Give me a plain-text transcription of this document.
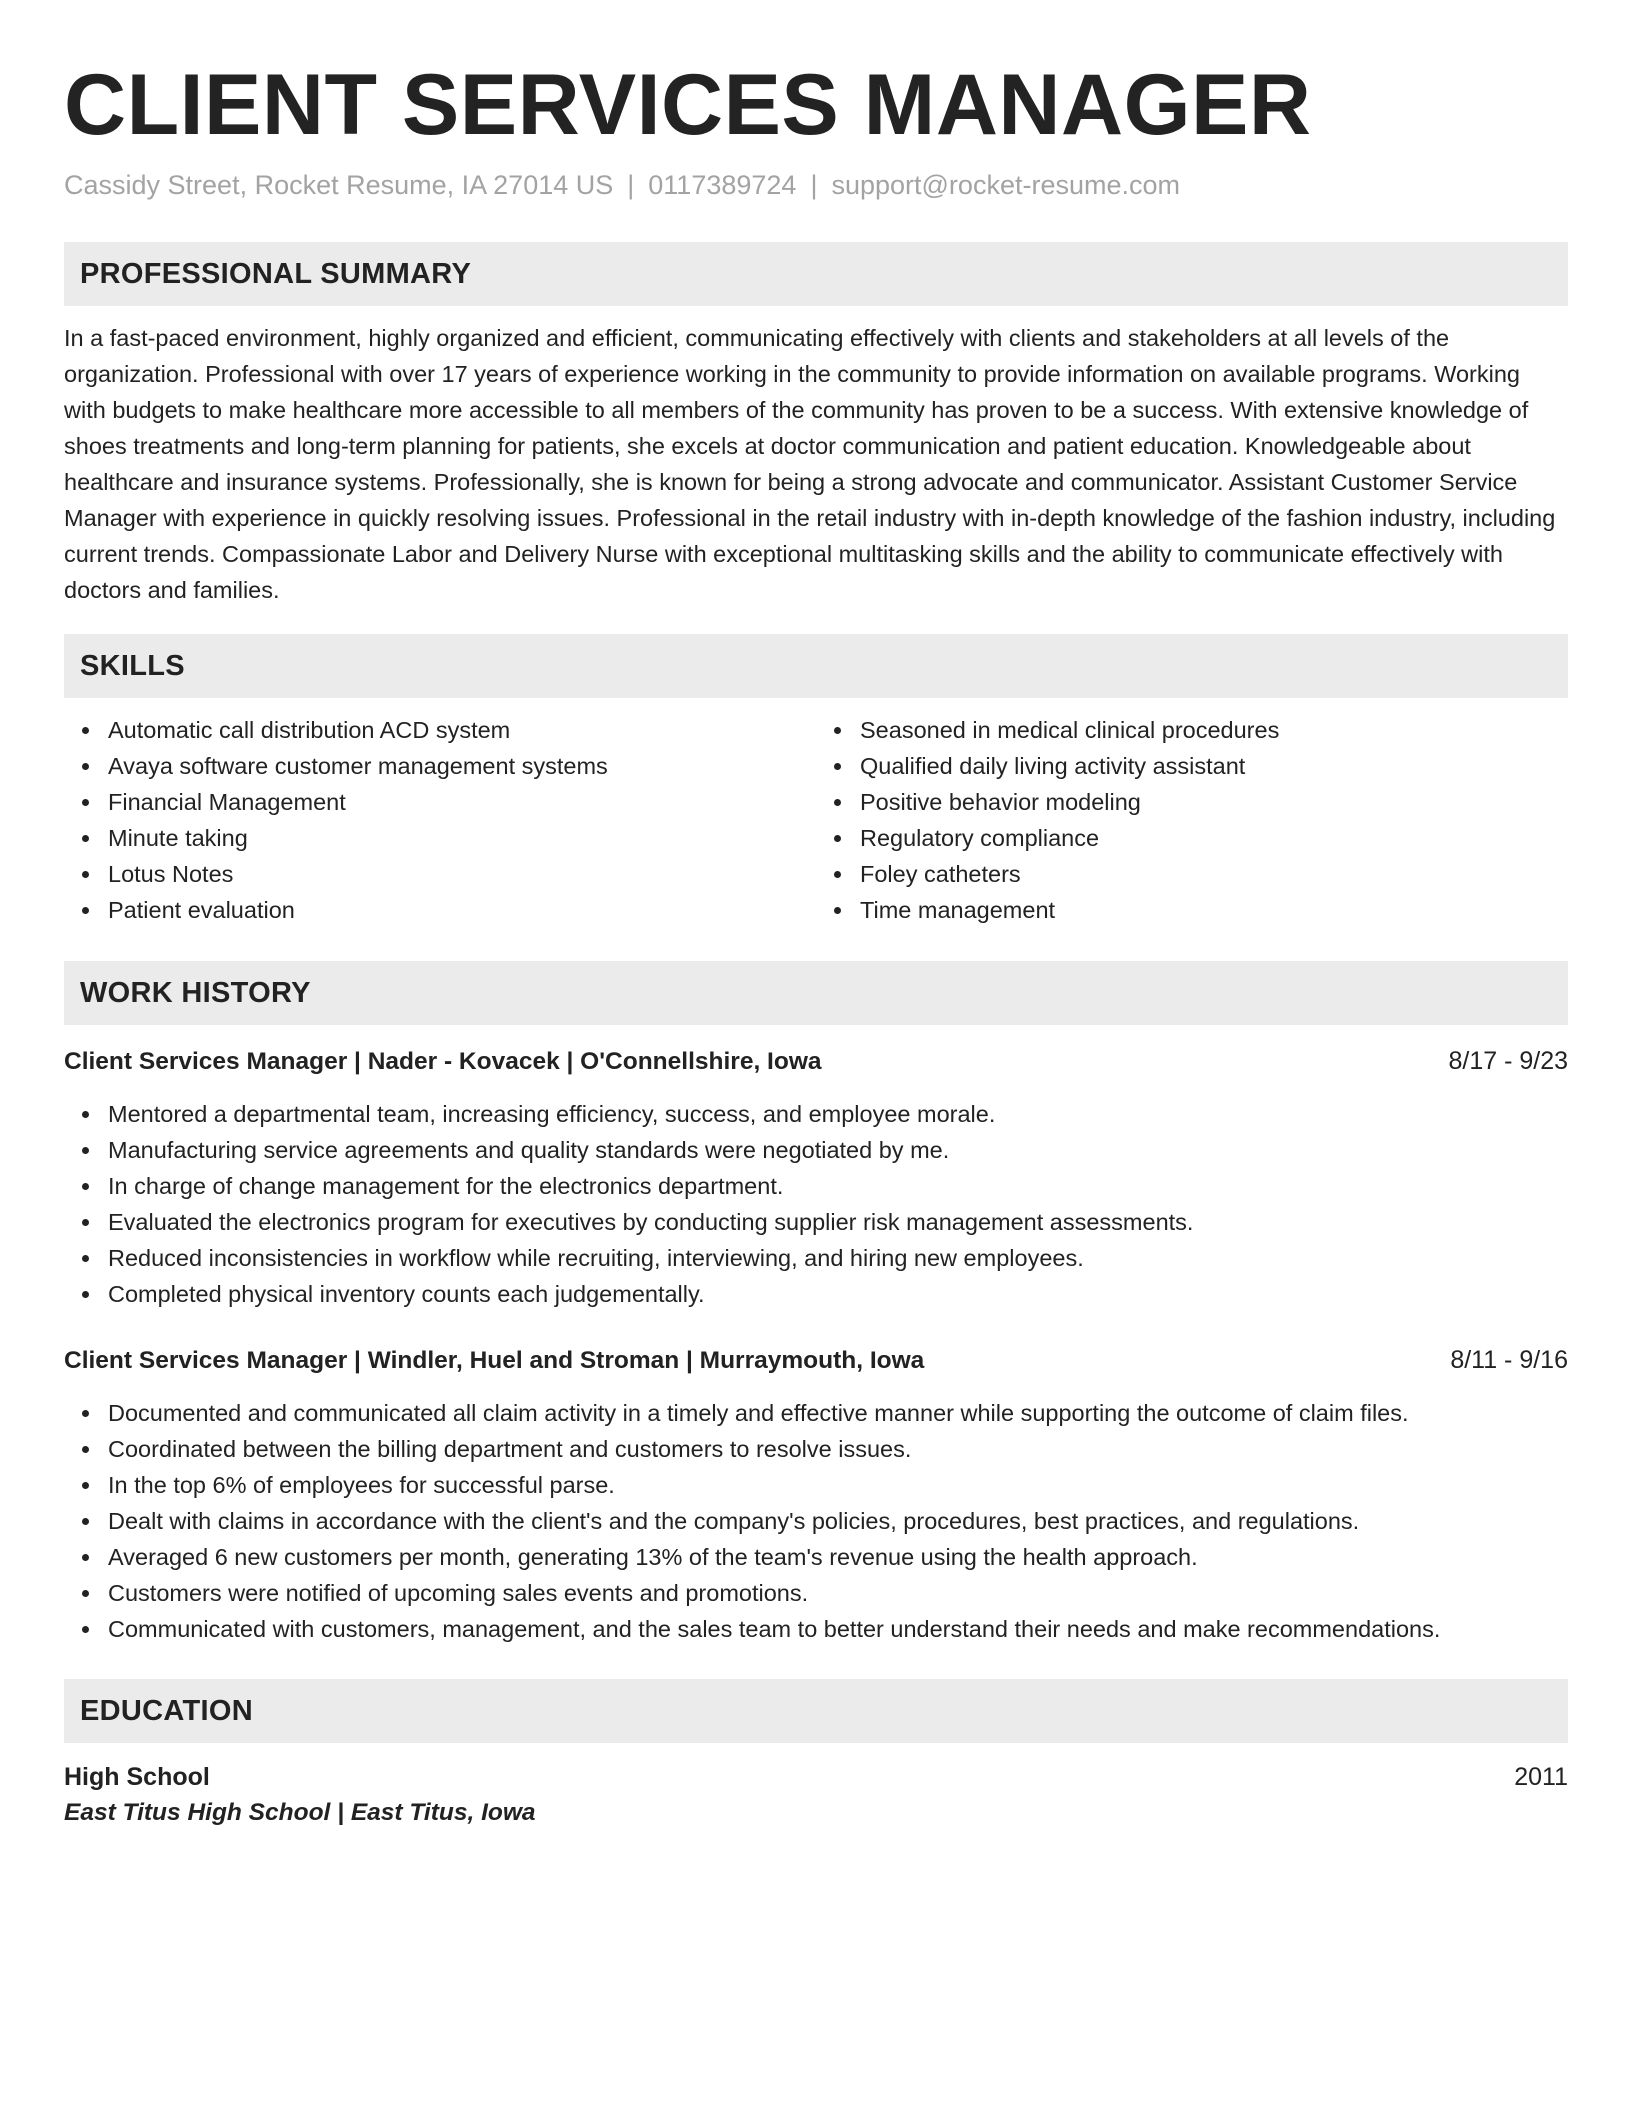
CLIENT SERVICES MANAGER
Cassidy Street, Rocket Resume, IA 27014 US | 0117389724 | support@rocket-resume.com
PROFESSIONAL SUMMARY

In a fast-paced environment, highly organized and efficient, communicating effectively with clients and stakeholders at all levels of the organization. Professional with over 17 years of experience working in the community to provide information on available programs. Working with budgets to make healthcare more accessible to all members of the community has proven to be a success. With extensive knowledge of shoes treatments and long-term planning for patients, she excels at doctor communication and patient education. Knowledgeable about healthcare and insurance systems. Professionally, she is known for being a strong advocate and communicator. Assistant Customer Service Manager with experience in quickly resolving issues. Professional in the retail industry with in-depth knowledge of the fashion industry, including current trends. Compassionate Labor and Delivery Nurse with exceptional multitasking skills and the ability to communicate effectively with doctors and families.

SKILLS
Automatic call distribution ACD system
Avaya software customer management systems
Financial Management
Minute taking
Lotus Notes
Patient evaluation
Seasoned in medical clinical procedures
Qualified daily living activity assistant
Positive behavior modeling
Regulatory compliance
Foley catheters
Time management
WORK HISTORY
Client Services Manager | Nader - Kovacek | O'Connellshire, Iowa	8/17 - 9/23
Mentored a departmental team, increasing efficiency, success, and employee morale.
Manufacturing service agreements and quality standards were negotiated by me.
In charge of change management for the electronics department.
Evaluated the electronics program for executives by conducting supplier risk management assessments.
Reduced inconsistencies in workflow while recruiting, interviewing, and hiring new employees.
Completed physical inventory counts each judgementally.
Client Services Manager | Windler, Huel and Stroman | Murraymouth, Iowa	8/11 - 9/16
Documented and communicated all claim activity in a timely and effective manner while supporting the outcome of claim files.
Coordinated between the billing department and customers to resolve issues.
In the top 6% of employees for successful parse.
Dealt with claims in accordance with the client's and the company's policies, procedures, best practices, and regulations.
Averaged 6 new customers per month, generating 13% of the team's revenue using the health approach.
Customers were notified of upcoming sales events and promotions.
Communicated with customers, management, and the sales team to better understand their needs and make recommendations.
EDUCATION
High School	2011
East Titus High School | East Titus, Iowa
